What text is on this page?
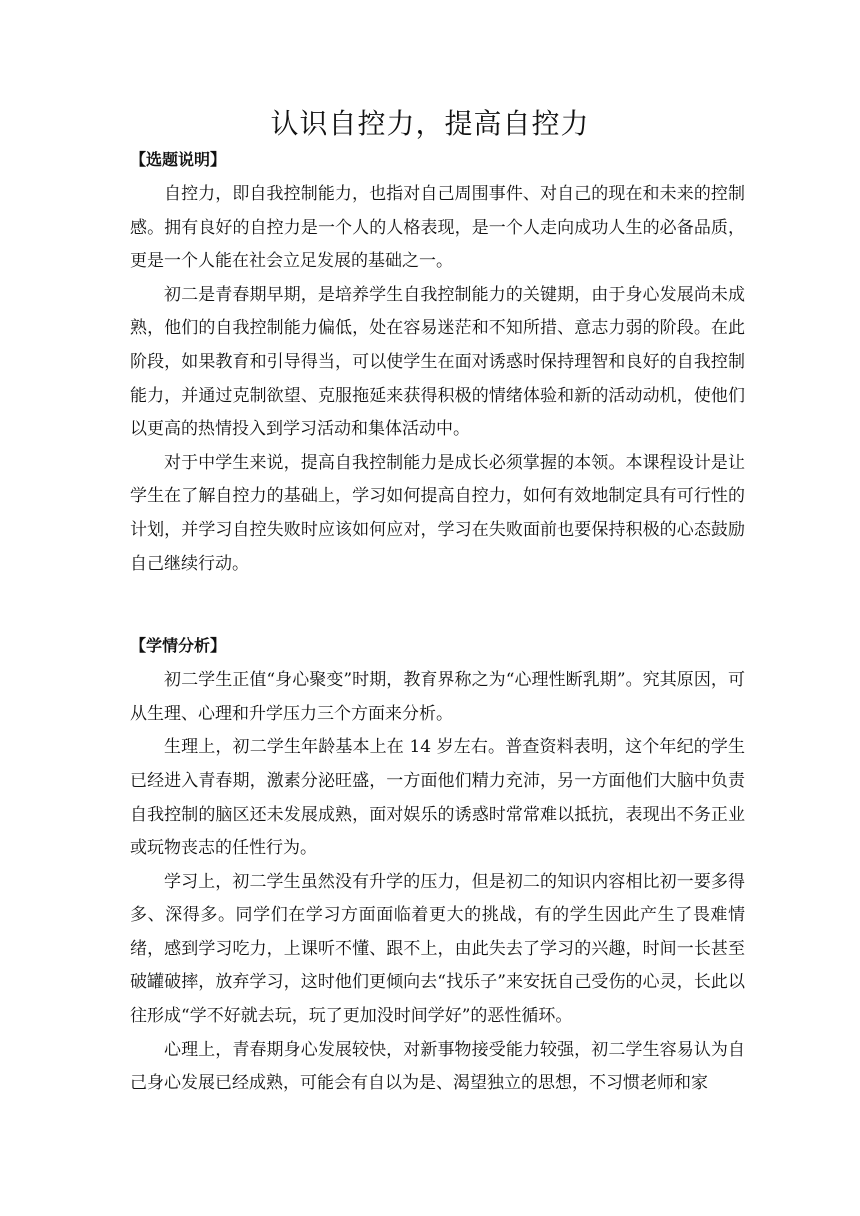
认识自控力，提高自控力
【选题说明】

自控力，即自我控制能力，也指对自己周围事件、对自己的现在和未来的控制感。拥有良好的自控力是一个人的人格表现，是一个人走向成功人生的必备品质，更是一个人能在社会立足发展的基础之一。

初二是青春期早期，是培养学生自我控制能力的关键期，由于身心发展尚未成熟，他们的自我控制能力偏低，处在容易迷茫和不知所措、意志力弱的阶段。在此阶段，如果教育和引导得当，可以使学生在面对诱惑时保持理智和良好的自我控制能力，并通过克制欲望、克服拖延来获得积极的情绪体验和新的活动动机，使他们以更高的热情投入到学习活动和集体活动中。

对于中学生来说，提高自我控制能力是成长必须掌握的本领。本课程设计是让学生在了解自控力的基础上，学习如何提高自控力，如何有效地制定具有可行性的计划，并学习自控失败时应该如何应对，学习在失败面前也要保持积极的心态鼓励自己继续行动。

【学情分析】

初二学生正值“身心聚变”时期，教育界称之为“心理性断乳期”。究其原因，可从生理、心理和升学压力三个方面来分析。

生理上，初二学生年龄基本上在 14 岁左右。普查资料表明，这个年纪的学生已经进入青春期，激素分泌旺盛，一方面他们精力充沛，另一方面他们大脑中负责自我控制的脑区还未发展成熟，面对娱乐的诱惑时常常难以抵抗，表现出不务正业或玩物丧志的任性行为。

学习上，初二学生虽然没有升学的压力，但是初二的知识内容相比初一要多得多、深得多。同学们在学习方面面临着更大的挑战，有的学生因此产生了畏难情绪，感到学习吃力，上课听不懂、跟不上，由此失去了学习的兴趣，时间一长甚至破罐破摔，放弃学习，这时他们更倾向去“找乐子”来安抚自己受伤的心灵，长此以往形成“学不好就去玩，玩了更加没时间学好”的恶性循环。

心理上，青春期身心发展较快，对新事物接受能力较强，初二学生容易认为自己身心发展已经成熟，可能会有自以为是、渴望独立的思想，不习惯老师和家
